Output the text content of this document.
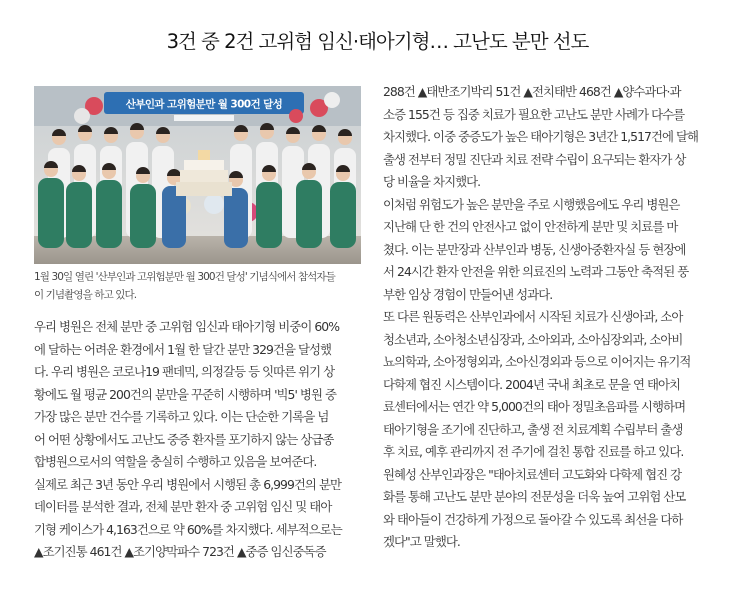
3건 중 2건 고위험 임신·태아기형… 고난도 분만 선도
산부인과 고위험분만 월 300건 달성
1월 30일 열린 '산부인과 고위험분만 월 300건 달성' 기념식에서 참석자들
이 기념촬영을 하고 있다.

우리 병원은 전체 분만 중 고위험 임신과 태아기형 비중이 60%

에 달하는 어려운 환경에서 1월 한 달간 분만 329건을 달성했

다. 우리 병원은 코로나19 팬데믹, 의정갈등 등 잇따른 위기 상

황에도 월 평균 200건의 분만을 꾸준히 시행하며 '빅5' 병원 중

가장 많은 분만 건수를 기록하고 있다. 이는 단순한 기록을 넘

어 어떤 상황에서도 고난도 중증 환자를 포기하지 않는 상급종

합병원으로서의 역할을 충실히 수행하고 있음을 보여준다.

실제로 최근 3년 동안 우리 병원에서 시행된 총 6,999건의 분만

데이터를 분석한 결과, 전체 분만 환자 중 고위험 임신 및 태아

기형 케이스가 4,163건으로 약 60%를 차지했다. 세부적으로는

▲조기진통 461건 ▲조기양막파수 723건 ▲중증 임신중독증

288건 ▲태반조기박리 51건 ▲전치태반 468건 ▲양수과다·과

소증 155건 등 집중 치료가 필요한 고난도 분만 사례가 다수를

차지했다. 이중 중증도가 높은 태아기형은 3년간 1,517건에 달해

출생 전부터 정밀 진단과 치료 전략 수립이 요구되는 환자가 상

당 비율을 차지했다.

이처럼 위험도가 높은 분만을 주로 시행했음에도 우리 병원은

지난해 단 한 건의 안전사고 없이 안전하게 분만 및 치료를 마

쳤다. 이는 분만장과 산부인과 병동, 신생아중환자실 등 현장에

서 24시간 환자 안전을 위한 의료진의 노력과 그동안 축적된 풍

부한 임상 경험이 만들어낸 성과다.

또 다른 원동력은 산부인과에서 시작된 치료가 신생아과, 소아

청소년과, 소아청소년심장과, 소아외과, 소아심장외과, 소아비

뇨의학과, 소아정형외과, 소아신경외과 등으로 이어지는 유기적

다학제 협진 시스템이다. 2004년 국내 최초로 문을 연 태아치

료센터에서는 연간 약 5,000건의 태아 정밀초음파를 시행하며

태아기형을 조기에 진단하고, 출생 전 치료계획 수립부터 출생

후 치료, 예후 관리까지 전 주기에 걸친 통합 진료를 하고 있다.

원혜성 산부인과장은 "태아치료센터 고도화와 다학제 협진 강

화를 통해 고난도 분만 분야의 전문성을 더욱 높여 고위험 산모

와 태아들이 건강하게 가정으로 돌아갈 수 있도록 최선을 다하

겠다"고 말했다.
